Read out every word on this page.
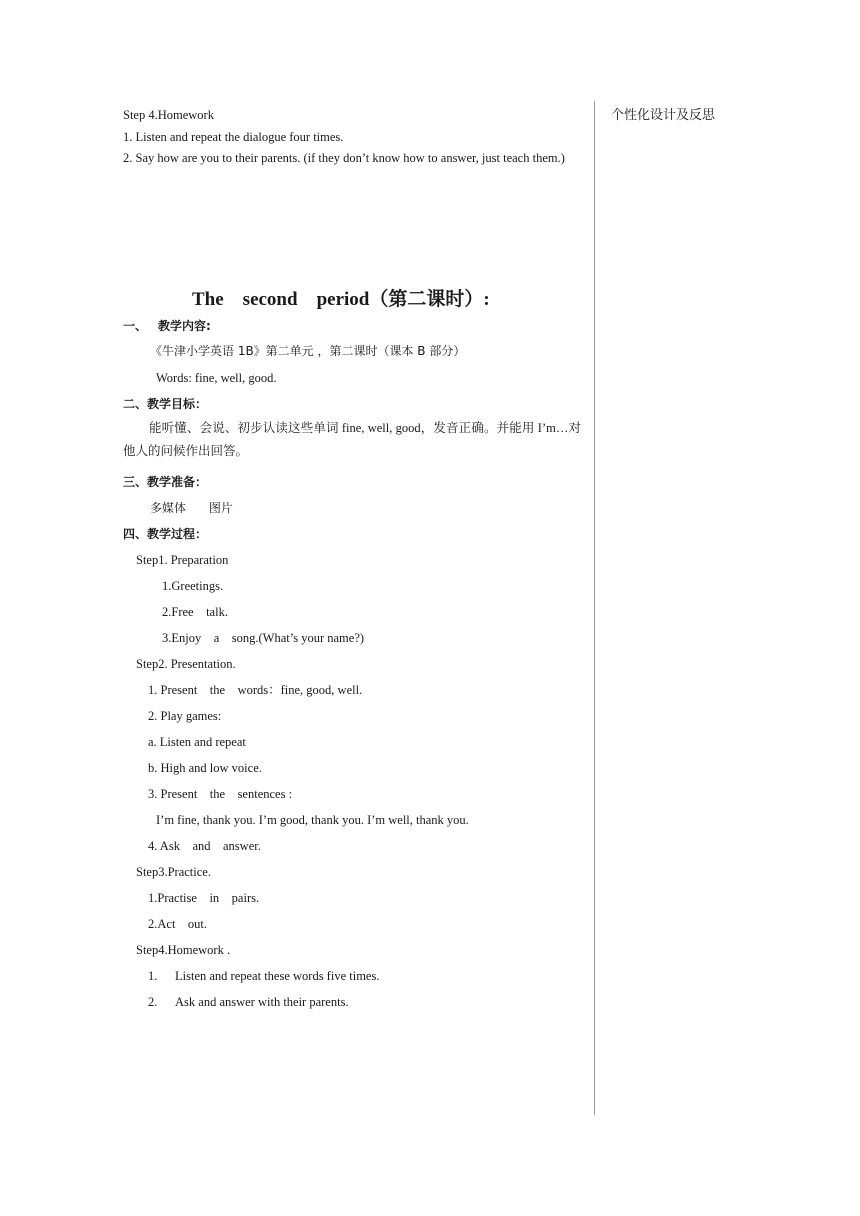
个性化设计及反思
Step 4.Homework
1. Listen and repeat the dialogue four times.
2. Say how are you to their parents. (if they don’t know how to answer, just teach them.)
The    second    period（第二课时）:
一、 教学内容:
《牛津小学英语 1B》第二单元 ，第二课时（课本 B 部分）
Words: fine, well, good.
二、教学目标：
能听懂、会说、初步认读这些单词 fine, well, good，发音正确。并能用 I’m…对他人的问候作出回答。
三、教学准备：
多媒体      图片
四、教学过程：
Step1. Preparation
1.Greetings.
2.Free    talk.
3.Enjoy    a    song.(What’s your name?)
Step2. Presentation.
1. Present    the    words：fine, good, well.
2. Play games:
a. Listen and repeat
b. High and low voice.
3. Present    the    sentences :
I’m fine, thank you. I’m good, thank you. I’m well, thank you.
4. Ask    and    answer.
Step3.Practice.
1.Practise    in    pairs.
2.Act    out.
Step4.Homework .
1. Listen and repeat these words five times.
2. Ask and answer with their parents.
